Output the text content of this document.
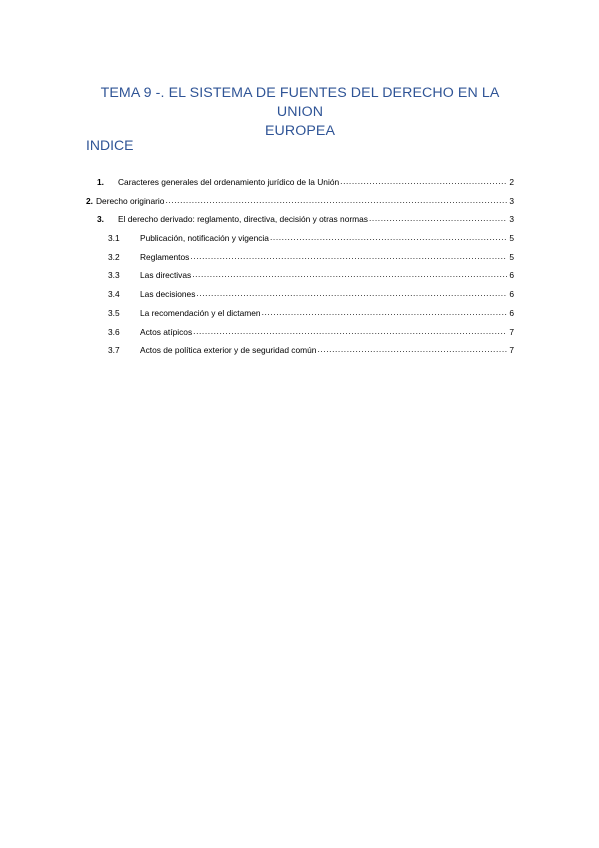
TEMA 9 -. EL SISTEMA DE FUENTES DEL DERECHO EN LA UNION
EUROPEA
INDICE
1.	Caracteres generales del ordenamiento jurídico de la Unión .....	2
2. Derecho originario .....	3
3.	El derecho derivado: reglamento, directiva, decisión y otras normas .....	3
3.1	Publicación, notificación y vigencia .....	5
3.2	Reglamentos .....	5
3.3	Las directivas .....	6
3.4	Las decisiones .....	6
3.5	La recomendación y el dictamen .....	6
3.6	Actos atípicos .....	7
3.7	Actos de política exterior y de seguridad común .....	7
